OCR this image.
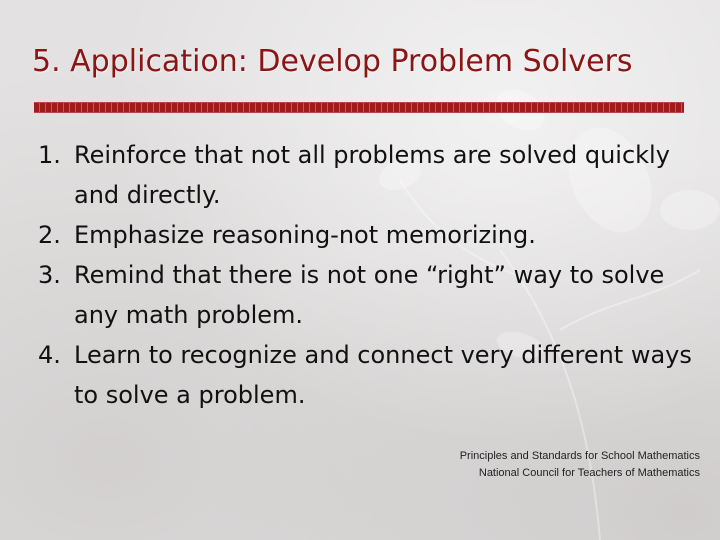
5. Application: Develop Problem Solvers
1. Reinforce that not all problems are solved quickly and directly.
2. Emphasize reasoning-not memorizing.
3. Remind that there is not one “right” way to solve any math problem.
4. Learn to recognize and connect very different ways to solve a problem.
Principles and Standards for School Mathematics
National Council for Teachers of Mathematics
